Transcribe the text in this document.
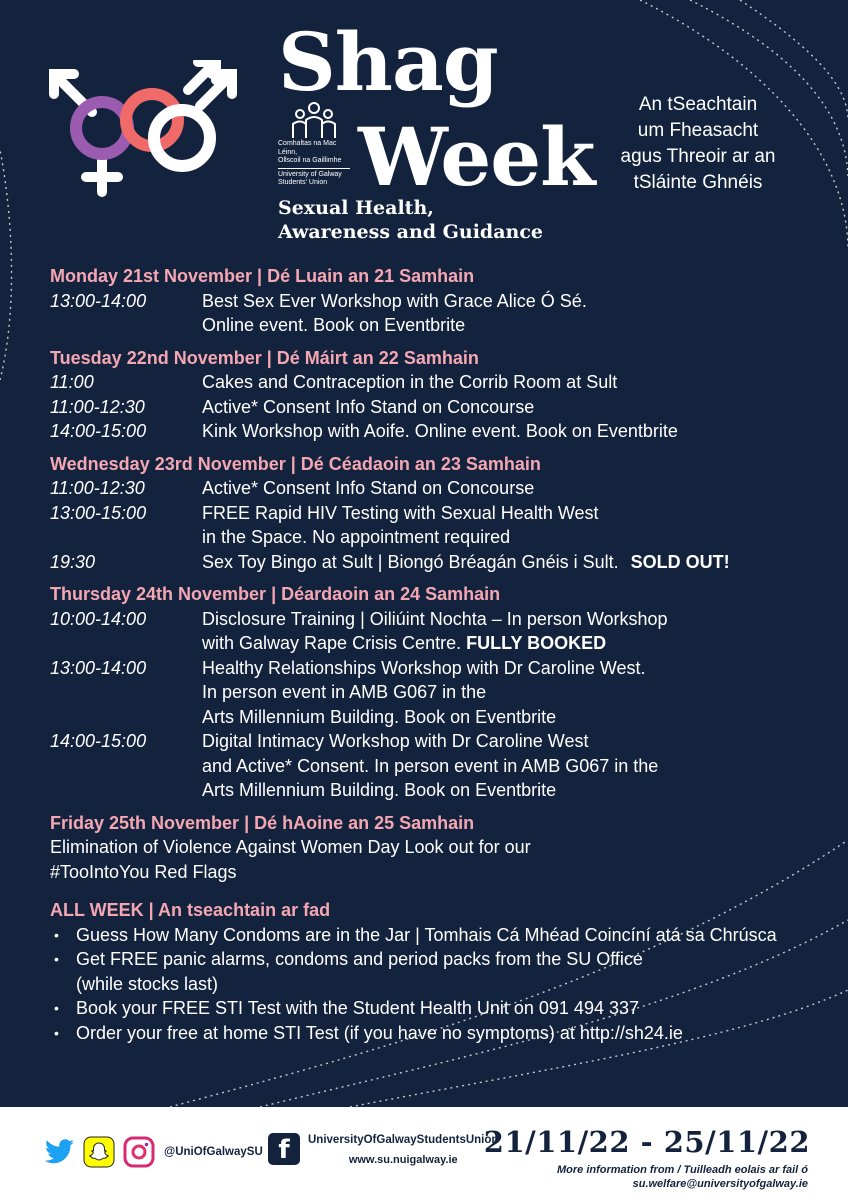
Shag
Week
Comhaltas na Mac Léinn,
Ollscoil na Gaillimhe
University of Galway
Students' Union
Sexual Health,
Awareness and Guidance
An tSeachtain
um Fheasacht
agus Threoir ar an
tSláinte Ghnéis
Monday 21st November | Dé Luain an 21 Samhain
13:00-14:00	Best Sex Ever Workshop with Grace Alice Ó Sé.
Online event. Book on Eventbrite
Tuesday 22nd November | Dé Máirt an 22 Samhain
11:00	Cakes and Contraception in the Corrib Room at Sult
11:00-12:30	Active* Consent Info Stand on Concourse
14:00-15:00	Kink Workshop with Aoife. Online event. Book on Eventbrite
Wednesday 23rd November | Dé Céadaoin an 23 Samhain
11:00-12:30	Active* Consent Info Stand on Concourse
13:00-15:00	FREE Rapid HIV Testing with Sexual Health West
in the Space. No appointment required
19:30	Sex Toy Bingo at Sult | Biongó Bréagán Gnéis i Sult. SOLD OUT!
Thursday 24th November | Déardaoin an 24 Samhain
10:00-14:00	Disclosure Training | Oiliúint Nochta – In person Workshop
with Galway Rape Crisis Centre. FULLY BOOKED
13:00-14:00	Healthy Relationships Workshop with Dr Caroline West.
In person event in AMB G067 in the
Arts Millennium Building. Book on Eventbrite
14:00-15:00	Digital Intimacy Workshop with Dr Caroline West
and Active* Consent. In person event in AMB G067 in the
Arts Millennium Building. Book on Eventbrite
Friday 25th November | Dé hAoine an 25 Samhain
Elimination of Violence Against Women Day Look out for our
#TooIntoYou Red Flags
ALL WEEK | An tseachtain ar fad
• Guess How Many Condoms are in the Jar | Tomhais Cá Mhéad Coincíní atá sa Chrúsca
• Get FREE panic alarms, condoms and period packs from the SU Office
(while stocks last)
• Book your FREE STI Test with the Student Health Unit on 091 494 337
• Order your free at home STI Test (if you have no symptoms) at http://sh24.ie
@UniOfGalwaySU f	UniversityOfGalwayStudentsUnion
www.su.nuigalway.ie
21/11/22 - 25/11/22
More information from / Tuilleadh eolais ar fail ó
su.welfare@universityofgalway.ie
